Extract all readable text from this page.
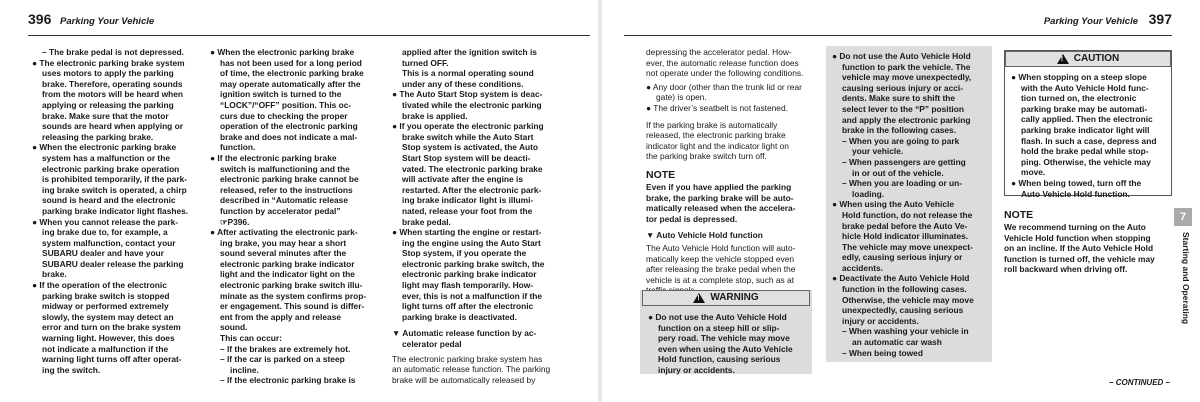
396 Parking Your Vehicle
– The brake pedal is not depressed.
● The electronic parking brake system
uses motors to apply the parking
brake. Therefore, operating sounds
from the motors will be heard when
applying or releasing the parking
brake. Make sure that the motor
sounds are heard when applying or
releasing the parking brake.
● When the electronic parking brake
system has a malfunction or the
electronic parking brake operation
is prohibited temporarily, if the park-
ing brake switch is operated, a chirp
sound is heard and the electronic
parking brake indicator light flashes.
● When you cannot release the park-
ing brake due to, for example, a
system malfunction, contact your
SUBARU dealer and have your
SUBARU dealer release the parking
brake.
● If the operation of the electronic
parking brake switch is stopped
midway or performed extremely
slowly, the system may detect an
error and turn on the brake system
warning light. However, this does
not indicate a malfunction if the
warning light turns off after operat-
ing the switch.
● When the electronic parking brake
has not been used for a long period
of time, the electronic parking brake
may operate automatically after the
ignition switch is turned to the
“LOCK”/“OFF” position. This oc-
curs due to checking the proper
operation of the electronic parking
brake and does not indicate a mal-
function.
● If the electronic parking brake
switch is malfunctioning and the
electronic parking brake cannot be
released, refer to the instructions
described in “Automatic release
function by accelerator pedal”
☞P396.
● After activating the electronic park-
ing brake, you may hear a short
sound several minutes after the
electronic parking brake indicator
light and the indicator light on the
electronic parking brake switch illu-
minate as the system confirms prop-
er engagement. This sound is differ-
ent from the apply and release
sound.
This can occur:
– If the brakes are extremely hot.
– If the car is parked on a steep
incline.
– If the electronic parking brake is
applied after the ignition switch is
turned OFF.
This is a normal operating sound
under any of these conditions.
● The Auto Start Stop system is deac-
tivated while the electronic parking
brake is applied.
● If you operate the electronic parking
brake switch while the Auto Start
Stop system is activated, the Auto
Start Stop system will be deacti-
vated. The electronic parking brake
will activate after the engine is
restarted. After the electronic park-
ing brake indicator light is illumi-
nated, release your foot from the
brake pedal.
● When starting the engine or restart-
ing the engine using the Auto Start
Stop system, if you operate the
electronic parking brake switch, the
electronic parking brake indicator
light may flash temporarily. How-
ever, this is not a malfunction if the
light turns off after the electronic
parking brake is deactivated.
▼ Automatic release function by ac-
celerator pedal
The electronic parking brake system has
an automatic release function. The parking
brake will be automatically released by
Parking Your Vehicle 397
depressing the accelerator pedal. How-
ever, the automatic release function does
not operate under the following conditions.
● Any door (other than the trunk lid or rear
gate) is open.
● The driver’s seatbelt is not fastened.
If the parking brake is automatically
released, the electronic parking brake
indicator light and the indicator light on
the parking brake switch turn off.
NOTE
Even if you have applied the parking
brake, the parking brake will be auto-
matically released when the accelera-
tor pedal is depressed.
▼ Auto Vehicle Hold function
The Auto Vehicle Hold function will auto-
matically keep the vehicle stopped even
after releasing the brake pedal when the
vehicle is at a complete stop, such as at
!
WARNING
● Do not use the Auto Vehicle Hold
function on a steep hill or slip-
pery road. The vehicle may move
even when using the Auto Vehicle
Hold function, causing serious
injury or accidents.
● Do not use the Auto Vehicle Hold
function to park the vehicle. The
vehicle may move unexpectedly,
causing serious injury or acci-
dents. Make sure to shift the
select lever to the “P” position
and apply the electronic parking
brake in the following cases.
– When you are going to park
your vehicle.
– When passengers are getting
in or out of the vehicle.
– When you are loading or un-
loading.
● When using the Auto Vehicle
Hold function, do not release the
brake pedal before the Auto Ve-
hicle Hold indicator illuminates.
The vehicle may move unexpect-
edly, causing serious injury or
accidents.
● Deactivate the Auto Vehicle Hold
function in the following cases.
Otherwise, the vehicle may move
unexpectedly, causing serious
injury or accidents.
– When washing your vehicle in
an automatic car wash
– When being towed
!
CAUTION
● When stopping on a steep slope
with the Auto Vehicle Hold func-
tion turned on, the electronic
parking brake may be automati-
cally applied. Then the electronic
parking brake indicator light will
flash. In such a case, depress and
hold the brake pedal while stop-
ping. Otherwise, the vehicle may
move.
● When being towed, turn off the
Auto Vehicle Hold function.
NOTE
We recommend turning on the Auto
Vehicle Hold function when stopping
on an incline. If the Auto Vehicle Hold
function is turned off, the vehicle may
roll backward when driving off.
7
Starting and Operating
– CONTINUED –
